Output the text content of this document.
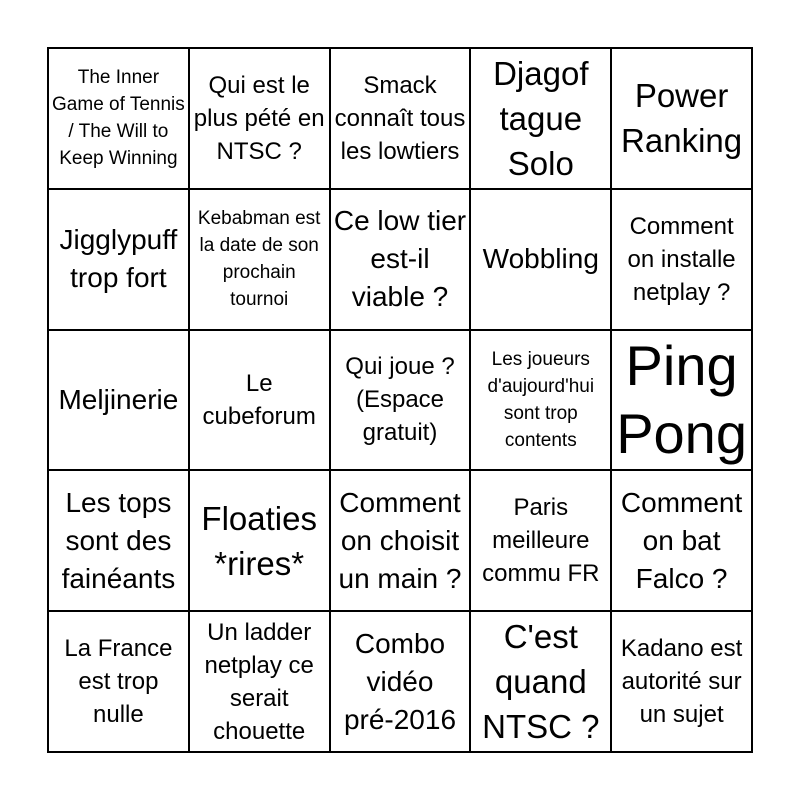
The Inner Game of Tennis / The Will to Keep Winning
Qui est le plus pété en NTSC ?
Smack connaît tous les lowtiers
Djagof tague Solo
Power Ranking
Jigglypuff trop fort
Kebabman est la date de son prochain tournoi
Ce low tier est-il viable ?
Wobbling
Comment on installe netplay ?
Meljinerie
Le cubeforum
Qui joue ? (Espace gratuit)
Les joueurs d'aujourd'hui sont trop contents
Ping Pong
Les tops sont des fainéants
Floaties *rires*
Comment on choisit un main ?
Paris meilleure commu FR
Comment on bat Falco ?
La France est trop nulle
Un ladder netplay ce serait chouette
Combo vidéo pré-2016
C'est quand NTSC ?
Kadano est autorité sur un sujet
